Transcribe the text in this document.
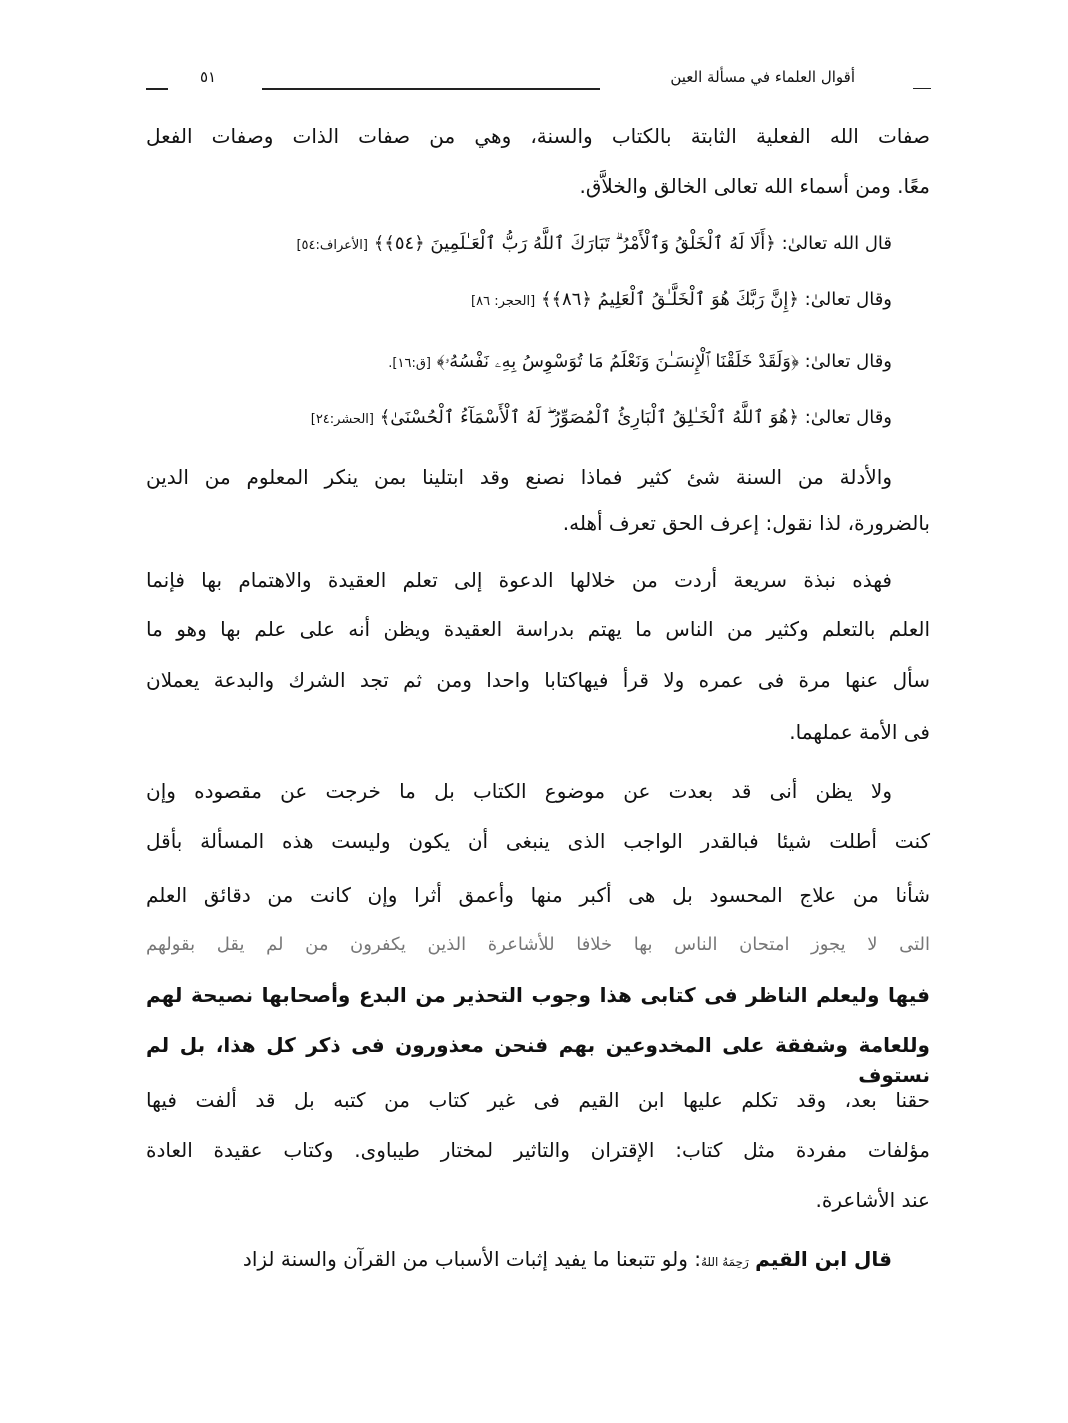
أقوال العلماء في مسألة العين
٥١
صفات الله الفعلية الثابتة بالكتاب والسنة، وهي من صفات الذات وصفات الفعل
معًا. ومن أسماء الله تعالى الخالق والخلاَّق.
قال الله تعالىٰ: ﴿أَلَا لَهُ ٱلْخَلْقُ وَٱلْأَمْرُ ۗ تَبَارَكَ ٱللَّهُ رَبُّ ٱلْعَـٰلَمِينَ ﴿٥٤﴾﴾ [الأعراف:٥٤]
وقال تعالىٰ: ﴿إِنَّ رَبَّكَ هُوَ ٱلْخَلَّـٰقُ ٱلْعَلِيمُ ﴿٨٦﴾﴾ [الحجر: ٨٦]
وقال تعالىٰ: ﴿وَلَقَدْ خَلَقْنَا ٱلْإِنسَـٰنَ وَنَعْلَمُ مَا تُوَسْوِسُ بِهِۦ نَفْسُهُۥ﴾ [ق:١٦].
وقال تعالىٰ: ﴿هُوَ ٱللَّهُ ٱلْخَـٰلِقُ ٱلْبَارِئُ ٱلْمُصَوِّرُ ۖ لَهُ ٱلْأَسْمَآءُ ٱلْحُسْنَىٰ﴾ [الحشر:٢٤]
والأدلة من السنة شئ كثير فماذا نصنع وقد ابتلينا بمن ينكر المعلوم من الدين
بالضرورة، لذا نقول: إعرف الحق تعرف أهله.
فهذه نبذة سريعة أردت من خلالها الدعوة إلى تعلم العقيدة والاهتمام بها فإنما
العلم بالتعلم وكثير من الناس ما يهتم بدراسة العقيدة ويظن أنه على علم بها وهو ما
سأل عنها مرة فى عمره ولا قرأ فيهاكتابا واحدا ومن ثم تجد الشرك والبدعة يعملان
فى الأمة عملهما.
ولا يظن أنى قد بعدت عن موضوع الكتاب بل ما خرجت عن مقصوده وإن
كنت أطلت شيئا فبالقدر الواجب الذى ينبغى أن يكون وليست هذه المسألة بأقل
شأنا من علاج المحسود بل هى أكبر منها وأعمق أثرا وإن كانت من دقائق العلم
التى لا يجوز امتحان الناس بها خلافا للأشاعرة الذين يكفرون من لم يقل بقولهم
فيها وليعلم الناظر فى كتابى هذا وجوب التحذير من البدع وأصحابها نصيحة لهم
وللعامة وشفقة على المخدوعين بهم فنحن معذورون فى ذكر كل هذا، بل لم نستوف
حقنا بعد، وقد تكلم عليها ابن القيم فى غير كتاب من كتبه بل قد ألفت فيها
مؤلفات مفردة مثل كتاب: الإقتران والتاثير لمختار طيباوى. وكتاب عقيدة العادة
عند الأشاعرة.
قال ابن القيم رَحِمَهُ اللهُ: ولو تتبعنا ما يفيد إثبات الأسباب من القرآن والسنة لزاد
